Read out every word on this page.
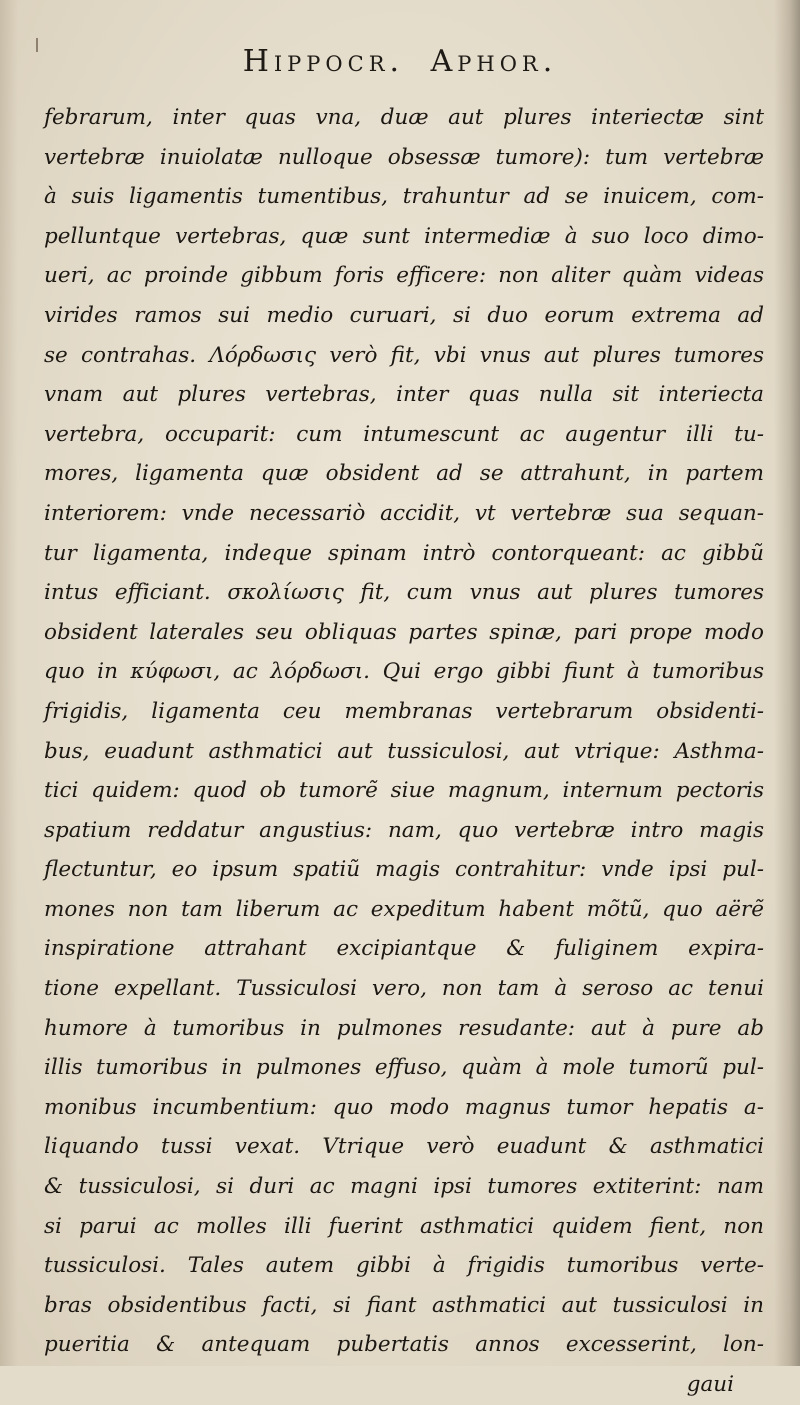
Hippocr. Aphor.
febrarum, inter quas vna, duæ aut plures interiectæ sint
vertebræ inuiolatæ nulloque obsessæ tumore): tum vertebræ
à suis ligamentis tumentibus, trahuntur ad se inuicem, com-
pelluntque vertebras, quæ sunt intermediæ à suo loco dimo-
ueri, ac proinde gibbum foris efficere: non aliter quàm videas
virides ramos sui medio curuari, si duo eorum extrema ad
se contrahas. Λόρδωσις verò fit, vbi vnus aut plures tumores
vnam aut plures vertebras, inter quas nulla sit interiecta
vertebra, occuparit: cum intumescunt ac augentur illi tu-
mores, ligamenta quæ obsident ad se attrahunt, in partem
interiorem: vnde necessariò accidit, vt vertebræ sua sequan-
tur ligamenta, indeque spinam intrò contorqueant: ac gibbũ
intus efficiant. σκολίωσις fit, cum vnus aut plures tumores
obsident laterales seu obliquas partes spinæ, pari prope modo
quo in κύφωσι, ac λόρδωσι. Qui ergo gibbi fiunt à tumoribus
frigidis, ligamenta ceu membranas vertebrarum obsidenti-
bus, euadunt asthmatici aut tussiculosi, aut vtrique: Asthma-
tici quidem: quod ob tumorẽ siue magnum, internum pectoris
spatium reddatur angustius: nam, quo vertebræ intro magis
flectuntur, eo ipsum spatiũ magis contrahitur: vnde ipsi pul-
mones non tam liberum ac expeditum habent mõtũ, quo aërẽ
inspiratione attrahant excipiantque & fuliginem expira-
tione expellant. Tussiculosi vero, non tam à seroso ac tenui
humore à tumoribus in pulmones resudante: aut à pure ab
illis tumoribus in pulmones effuso, quàm à mole tumorũ pul-
monibus incumbentium: quo modo magnus tumor hepatis a-
liquando tussi vexat. Vtrique verò euadunt & asthmatici
& tussiculosi, si duri ac magni ipsi tumores extiterint: nam
si parui ac molles illi fuerint asthmatici quidem fient, non
tussiculosi. Tales autem gibbi à frigidis tumoribus verte-
bras obsidentibus facti, si fiant asthmatici aut tussiculosi in
pueritia & antequam pubertatis annos excesserint, lon-
gaui
